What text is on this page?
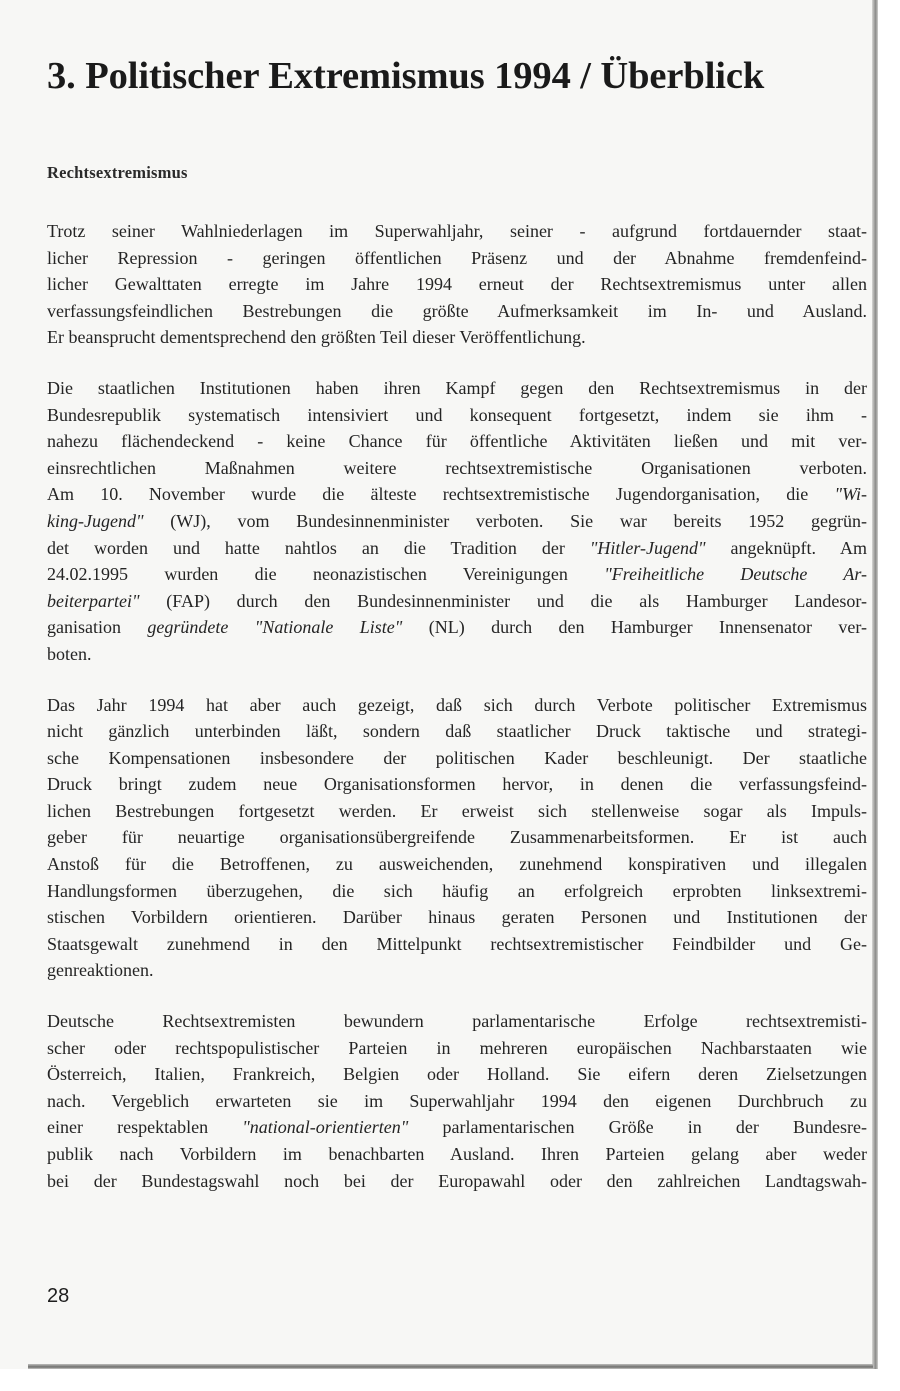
3. Politischer Extremismus 1994 / Überblick
Rechtsextremismus

Trotz seiner Wahlniederlagen im Superwahljahr, seiner - aufgrund fortdauernder staat-
licher Repression - geringen öffentlichen Präsenz und der Abnahme fremdenfeind-
licher Gewalttaten erregte im Jahre 1994 erneut der Rechtsextremismus unter allen
verfassungsfeindlichen Bestrebungen die größte Aufmerksamkeit im In- und Ausland.
Er beansprucht dementsprechend den größten Teil dieser Veröffentlichung.

Die staatlichen Institutionen haben ihren Kampf gegen den Rechtsextremismus in der
Bundesrepublik systematisch intensiviert und konsequent fortgesetzt, indem sie ihm -
nahezu flächendeckend - keine Chance für öffentliche Aktivitäten ließen und mit ver-
einsrechtlichen Maßnahmen weitere rechtsextremistische Organisationen verboten.
Am 10. November wurde die älteste rechtsextremistische Jugendorganisation, die "Wi-
king-Jugend" (WJ), vom Bundesinnenminister verboten. Sie war bereits 1952 gegrün-
det worden und hatte nahtlos an die Tradition der "Hitler-Jugend" angeknüpft. Am
24.02.1995 wurden die neonazistischen Vereinigungen "Freiheitliche Deutsche Ar-
beiterpartei" (FAP) durch den Bundesinnenminister und die als Hamburger Landesor-
ganisation gegründete "Nationale Liste" (NL) durch den Hamburger Innensenator ver-
boten.

Das Jahr 1994 hat aber auch gezeigt, daß sich durch Verbote politischer Extremismus
nicht gänzlich unterbinden läßt, sondern daß staatlicher Druck taktische und strategi-
sche Kompensationen insbesondere der politischen Kader beschleunigt. Der staatliche
Druck bringt zudem neue Organisationsformen hervor, in denen die verfassungsfeind-
lichen Bestrebungen fortgesetzt werden. Er erweist sich stellenweise sogar als Impuls-
geber für neuartige organisationsübergreifende Zusammenarbeitsformen. Er ist auch
Anstoß für die Betroffenen, zu ausweichenden, zunehmend konspirativen und illegalen
Handlungsformen überzugehen, die sich häufig an erfolgreich erprobten linksextremi-
stischen Vorbildern orientieren. Darüber hinaus geraten Personen und Institutionen der
Staatsgewalt zunehmend in den Mittelpunkt rechtsextremistischer Feindbilder und Ge-
genreaktionen.

Deutsche Rechtsextremisten bewundern parlamentarische Erfolge rechtsextremisti-
scher oder rechtspopulistischer Parteien in mehreren europäischen Nachbarstaaten wie
Österreich, Italien, Frankreich, Belgien oder Holland. Sie eifern deren Zielsetzungen
nach. Vergeblich erwarteten sie im Superwahljahr 1994 den eigenen Durchbruch zu
einer respektablen "national-orientierten" parlamentarischen Größe in der Bundesre-
publik nach Vorbildern im benachbarten Ausland. Ihren Parteien gelang aber weder
bei der Bundestagswahl noch bei der Europawahl oder den zahlreichen Landtagswah-

28
